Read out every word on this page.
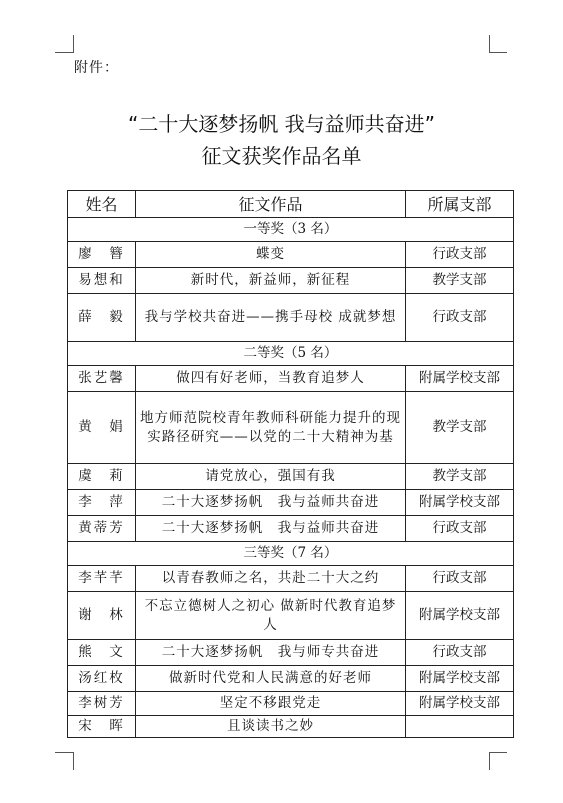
附件：
“二十大逐梦扬帆 我与益师共奋进”
征文获奖作品名单
姓名	征文作品	所属支部
一等奖（3 名）		
廖　簪	蝶变	行政支部
易想和	新时代，新益师，新征程	教学支部
薛　毅	我与学校共奋进——携手母校 成就梦想	行政支部
二等奖（5 名）		
张艺馨	做四有好老师，当教育追梦人	附属学校支部
黄　娟	地方师范院校青年教师科研能力提升的现实路径研究——以党的二十大精神为基	教学支部
虞　莉	请党放心，强国有我	教学支部
李　萍	二十大逐梦扬帆　我与益师共奋进	附属学校支部
黄蒂芳	二十大逐梦扬帆　我与益师共奋进	行政支部
三等奖（7 名）		
李芊芊	以青春教师之名，共赴二十大之约	行政支部
谢　林	不忘立德树人之初心 做新时代教育追梦人	附属学校支部
熊　文	二十大逐梦扬帆　我与师专共奋进	行政支部
汤红枚	做新时代党和人民满意的好老师	附属学校支部
李树芳	坚定不移跟党走	附属学校支部
宋　晖	且谈读书之妙	
